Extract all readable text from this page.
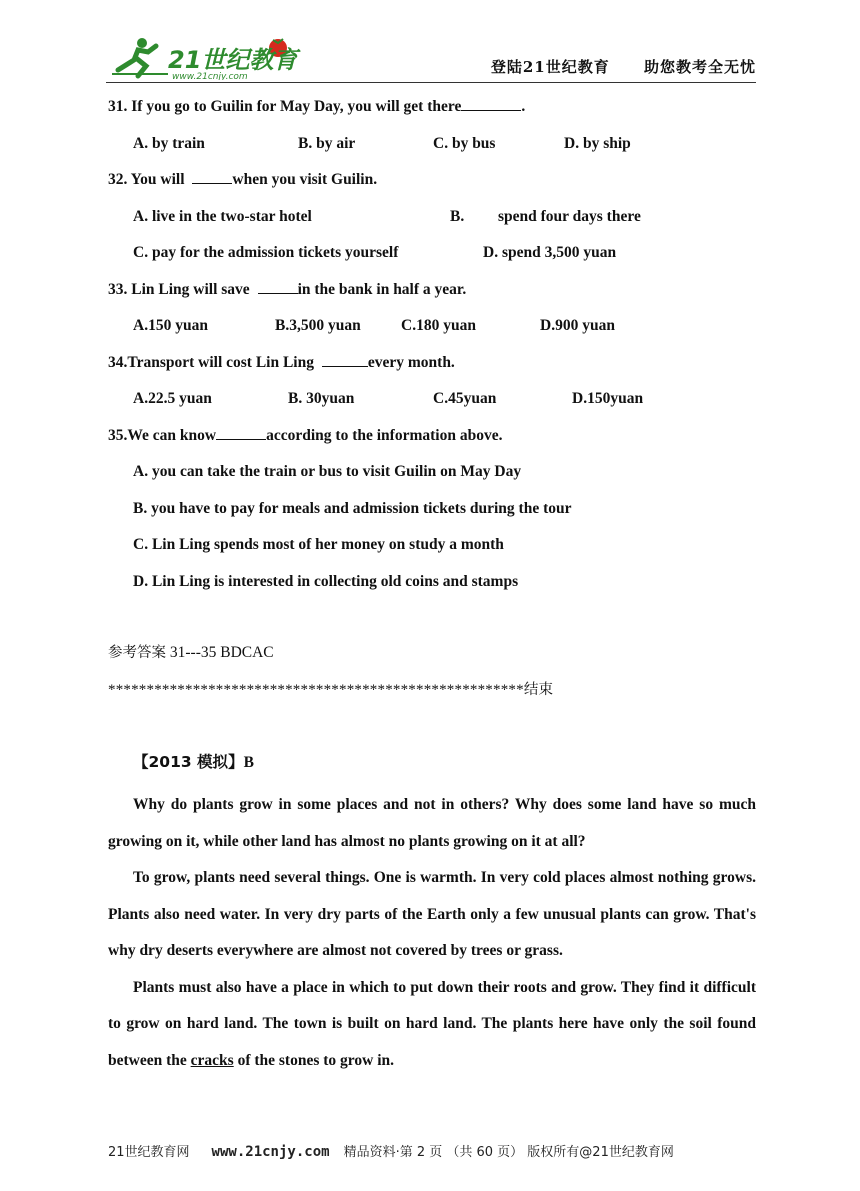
21世纪教育
www.21cnjy.com
登陆21世纪教育 助您教考全无忧
31. If you go to Guilin for May Day, you will get there	.
A. by train	B. by air	C. by bus	D. by ship
32. You will	when you visit Guilin.
A. live in the two-star hotel	B. spend four days there
C. pay for the admission tickets yourself	D. spend 3,500 yuan
33. Lin Ling will save	in the bank in half a year.
A.150 yuan	B.3,500 yuan	C.180 yuan	D.900 yuan
34.Transport will cost Lin Ling	every month.
A.22.5 yuan	B. 30yuan	C.45yuan	D.150yuan
35.We can know	according to the information above.
A. you can take the train or bus to visit Guilin on May Day
B. you have to pay for meals and admission tickets during the tour
C. Lin Ling spends most of her money on study a month
D. Lin Ling is interested in collecting old coins and stamps
参考答案 31---35 BDCAC
******************************************************结束
【2013 模拟】B

Why do plants grow in some places and not in others? Why does some land have so much growing on it, while other land has almost no plants growing on it at all?

To grow, plants need several things. One is warmth. In very cold places almost nothing grows. Plants also need water. In very dry parts of the Earth only a few unusual plants can grow. That's why dry deserts everywhere are almost not covered by trees or grass.

Plants must also have a place in which to put down their roots and grow. They find it difficult to grow on hard land. The town is built on hard land. The plants here have only the soil found between the cracks of the stones to grow in.

21世纪教育网 www.21cnjy.com 精品资料·第 2 页 （共 60 页） 版权所有@21世纪教育网
